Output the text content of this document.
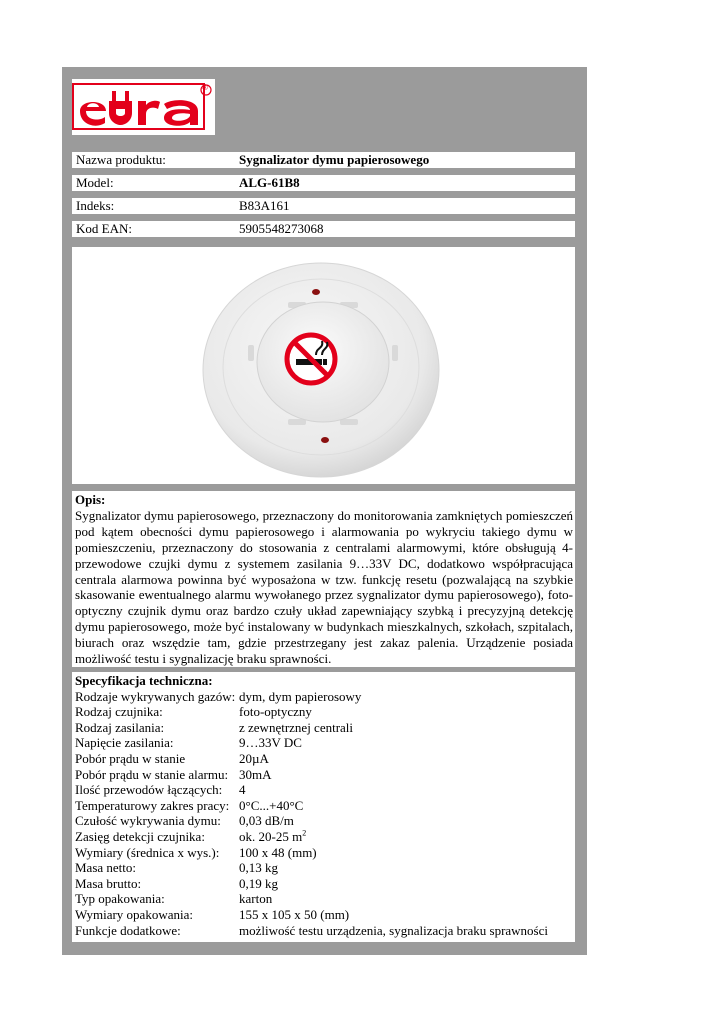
®
Nazwa produktu:	Sygnalizator dymu papierosowego
Model:	ALG-61B8
Indeks:	B83A161
Kod EAN:	5905548273068
Opis:
Sygnalizator dymu papierosowego, przeznaczony do monitorowania zamkniętych pomieszczeń pod kątem obecności dymu papierosowego i alarmowania po wykryciu takiego dymu w pomieszczeniu, przeznaczony do stosowania z centralami alarmowymi, które obsługują 4-przewodowe czujki dymu z systemem zasilania 9…33V DC, dodatkowo współpracująca centrala alarmowa powinna być wyposażona w tzw. funkcję resetu (pozwalającą na szybkie skasowanie ewentualnego alarmu wywołanego przez sygnalizator dymu papierosowego), foto-optyczny czujnik dymu oraz bardzo czuły układ zapewniający szybką i precyzyjną detekcję dymu papierosowego, może być instalowany w budynkach mieszkalnych, szkołach, szpitalach, biurach oraz wszędzie tam, gdzie przestrzegany jest zakaz palenia. Urządzenie posiada możliwość testu i sygnalizację braku sprawności.
Specyfikacja techniczna:
Rodzaje wykrywanych gazów: dym, dym papierosowy
Rodzaj czujnika:	foto-optyczny
Rodzaj zasilania:	z zewnętrznej centrali
Napięcie zasilania:	9…33V DC
Pobór prądu w stanie	20µA
Pobór prądu w stanie alarmu: 30mA
Ilość przewodów łączących: 4
Temperaturowy zakres pracy: 0°C...+40°C
Czułość wykrywania dymu: 0,03 dB/m
Zasięg detekcji czujnika:	ok. 20-25 $m^2$
Wymiary (średnica x wys.): 100 x 48 (mm)
Masa netto:	0,13 kg
Masa brutto:	0,19 kg
Typ opakowania:	karton
Wymiary opakowania:	155 x 105 x 50 (mm)
Funkcje dodatkowe:	możliwość testu urządzenia, sygnalizacja braku sprawności
